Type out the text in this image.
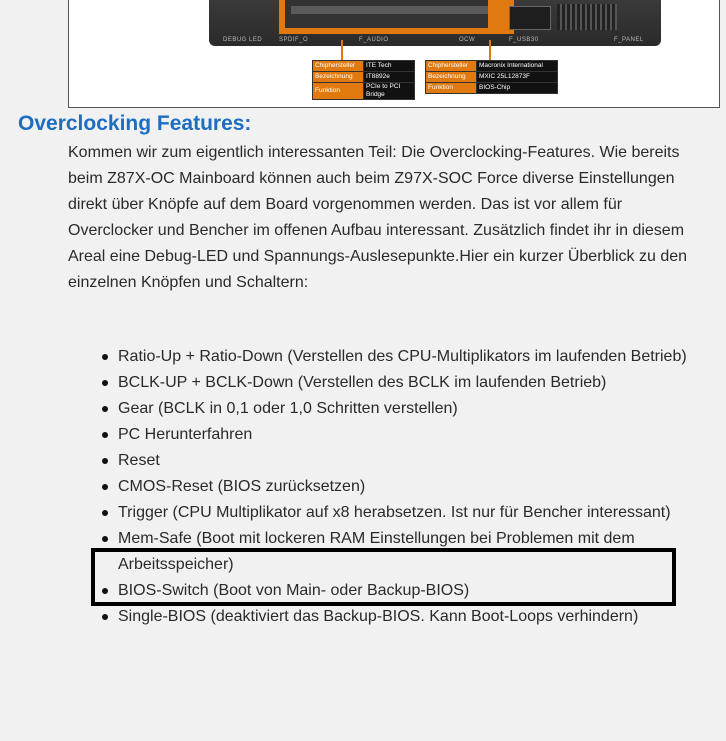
DEBUG LED	SPDIF_O	F_AUDIO	OCW	F_USB30	F_PANEL
Chiphersteller	ITE Tech
Bezeichnung	IT8892e
Funktion	PCIe to PCI Bridge
Chiphersteller	Macronix International
Bezeichnung	MXIC 25L12873F
Funktion	BIOS-Chip
Overclocking Features:

Kommen wir zum eigentlich interessanten Teil: Die Overclocking-Features. Wie bereits beim Z87X-OC Mainboard können auch beim Z97X-SOC Force diverse Einstellungen direkt über Knöpfe auf dem Board vorgenommen werden. Das ist vor allem für Overclocker und Bencher im offenen Aufbau interessant. Zusätzlich findet ihr in diesem Areal eine Debug-LED und Spannungs-Auslesepunkte.Hier ein kurzer Überblick zu den einzelnen Knöpfen und Schaltern:

Ratio-Up + Ratio-Down (Verstellen des CPU-Multiplikators im laufenden Betrieb)
BCLK-UP + BCLK-Down (Verstellen des BCLK im laufenden Betrieb)
Gear (BCLK in 0,1 oder 1,0 Schritten verstellen)
PC Herunterfahren
Reset
CMOS-Reset (BIOS zurücksetzen)
Trigger (CPU Multiplikator auf x8 herabsetzen. Ist nur für Bencher interessant)
Mem-Safe (Boot mit lockeren RAM Einstellungen bei Problemen mit dem Arbeitsspeicher)
BIOS-Switch (Boot von Main- oder Backup-BIOS)
Single-BIOS (deaktiviert das Backup-BIOS. Kann Boot-Loops verhindern)
